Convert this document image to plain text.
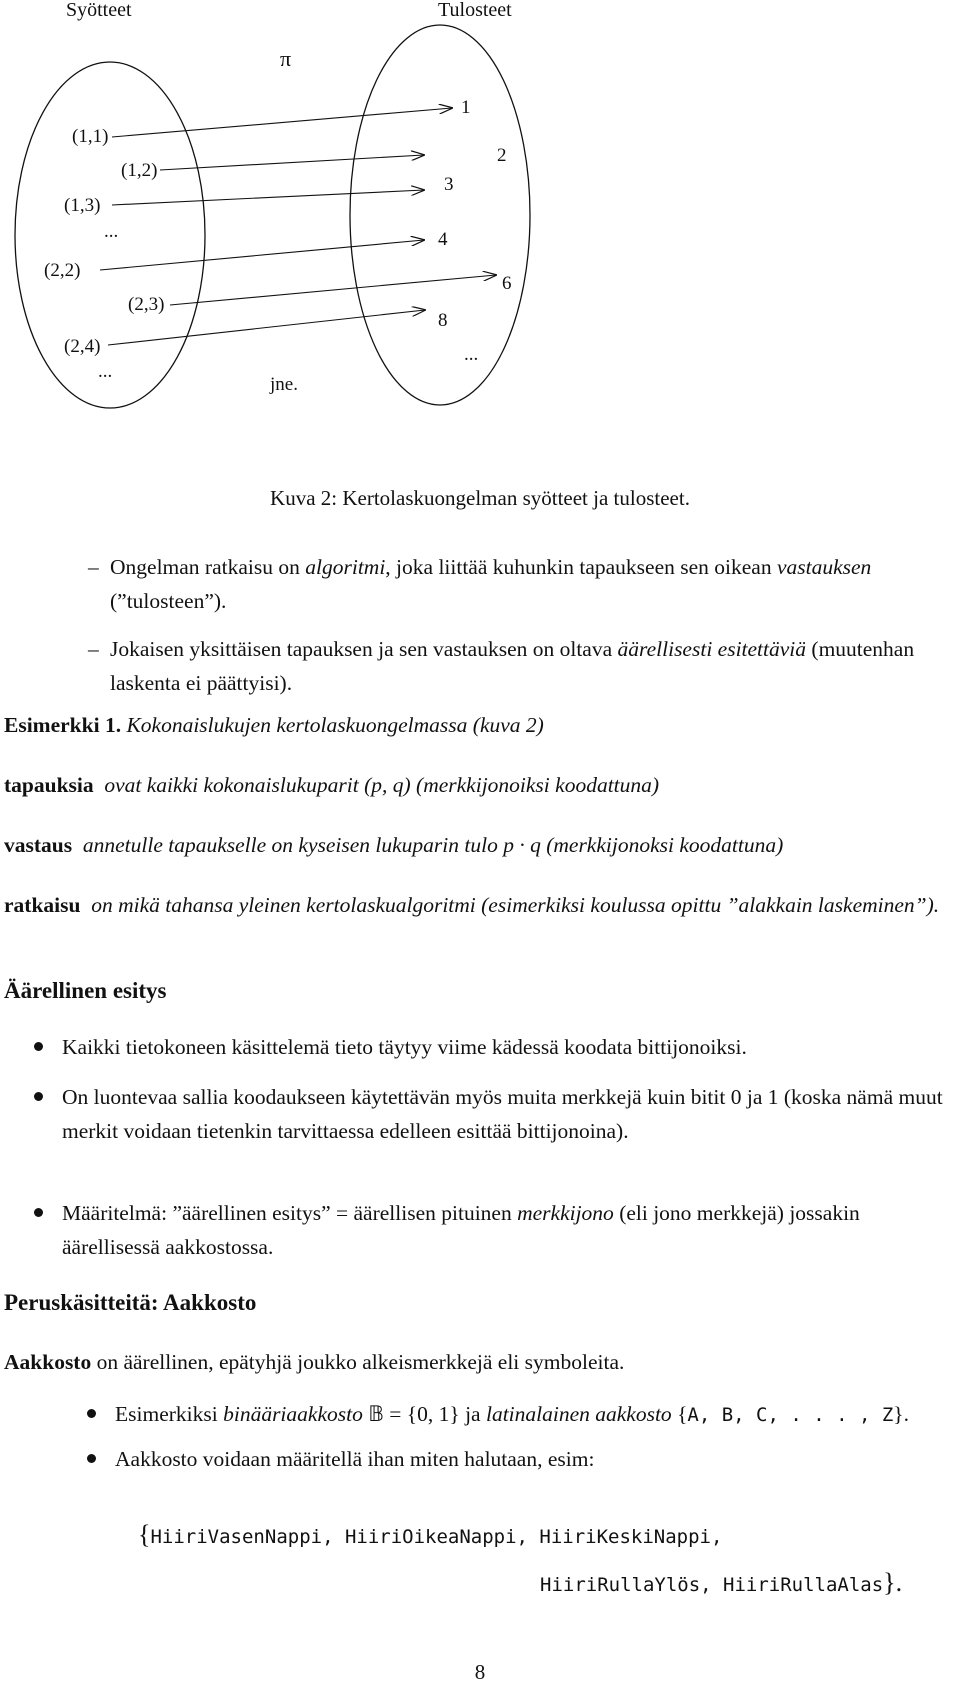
Syötteet	Tulosteet
π
(1,1)
(1,2)
(1,3)
...
(2,2)
(2,3)
(2,4)
...
1
2
3
4
6
8
...
jne.
Kuva 2: Kertolaskuongelman syötteet ja tulosteet.
– Ongelman ratkaisu on algoritmi, joka liittää kuhunkin tapaukseen sen oikean vastauksen (”tulosteen”).
– Jokaisen yksittäisen tapauksen ja sen vastauksen on oltava äärellisesti esitettäviä (muutenhan laskenta ei päättyisi).
Esimerkki 1. Kokonaislukujen kertolaskuongelmassa (kuva 2)
tapauksia ovat kaikki kokonaislukuparit (p, q) (merkkijonoiksi koodattuna)
vastaus annetulle tapaukselle on kyseisen lukuparin tulo p · q (merkkijonoksi koodattuna)
ratkaisu on mikä tahansa yleinen kertolaskualgoritmi (esimerkiksi koulussa opittu ”alakkain laskeminen”).
Äärellinen esitys
Kaikki tietokoneen käsittelemä tieto täytyy viime kädessä koodata bittijonoiksi.
On luontevaa sallia koodaukseen käytettävän myös muita merkkejä kuin bitit 0 ja 1 (koska nämä muut merkit voidaan tietenkin tarvittaessa edelleen esittää bittijonoina).
Määritelmä: ”äärellinen esitys” = äärellisen pituinen merkkijono (eli jono merkkejä) jossakin äärellisessä aakkostossa.
Peruskäsitteitä: Aakkosto
Aakkosto on äärellinen, epätyhjä joukko alkeismerkkejä eli symboleita.
Esimerkiksi binääriaakkosto 𝔹 = {0, 1} ja latinalainen aakkosto {A, B, C, . . . , Z}.
Aakkosto voidaan määritellä ihan miten halutaan, esim:
{HiiriVasenNappi, HiiriOikeaNappi, HiiriKeskiNappi,
HiiriRullaYlös, HiiriRullaAlas}.
8
